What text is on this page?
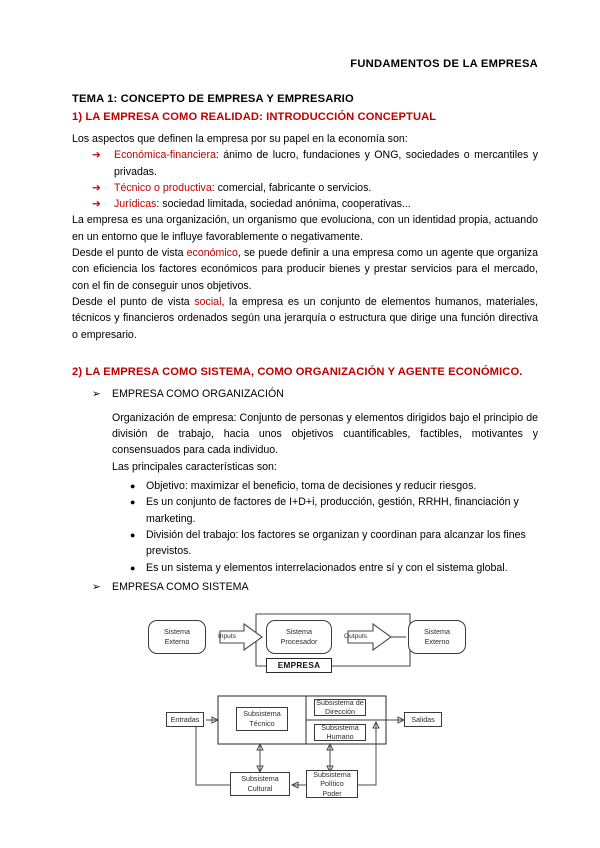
FUNDAMENTOS DE LA EMPRESA
TEMA 1: CONCEPTO DE EMPRESA Y EMPRESARIO
1) LA EMPRESA COMO REALIDAD: INTRODUCCIÓN CONCEPTUAL

Los aspectos que definen la empresa por su papel en la economía son:

➔ Económica-financiera: ánimo de lucro, fundaciones y ONG, sociedades o mercantiles y privadas.
➔ Técnico o productiva: comercial, fabricante o servicios.
➔ Jurídicas: sociedad limitada, sociedad anónima, cooperativas...

La empresa es una organización, un organismo que evoluciona, con un identidad propia, actuando en un entorno que le influye favorablemente o negativamente.

Desde el punto de vista económico, se puede definir a una empresa como un agente que organiza con eficiencia los factores económicos para producir bienes y prestar servicios para el mercado, con el fin de conseguir unos objetivos.

Desde el punto de vista social, la empresa es un conjunto de elementos humanos, materiales, técnicos y financieros ordenados según una jerarquía o estructura que dirige una función directiva o empresario.

2) LA EMPRESA COMO SISTEMA, COMO ORGANIZACIÓN Y AGENTE ECONÓMICO.
➢ EMPRESA COMO ORGANIZACIÓN

Organización de empresa: Conjunto de personas y elementos dirigidos bajo el principio de división de trabajo, hacia unos objetivos cuantificables, factibles, motivantes y consensuados para cada individuo.

Las principales características son:

● Objetivo: maximizar el beneficio, toma de decisiones y reducir riesgos.
● Es un conjunto de factores de I+D+i, producción, gestión, RRHH, financiación y marketing.
● División del trabajo: los factores se organizan y coordinan para alcanzar los fines previstos.
● Es un sistema y elementos interrelacionados entre sí y con el sistema global.
➢ EMPRESA COMO SISTEMA
Sistema
Externo
Inputs	Sistema
Procesador
Outputs	Sistema
Externo
EMPRESA
Entradas
Subsistema
Técnico
Subsistema de
Dirección
Subsistema
Humano
Salidas
Subsistema
Cultural
Subsistema
Político
Poder
